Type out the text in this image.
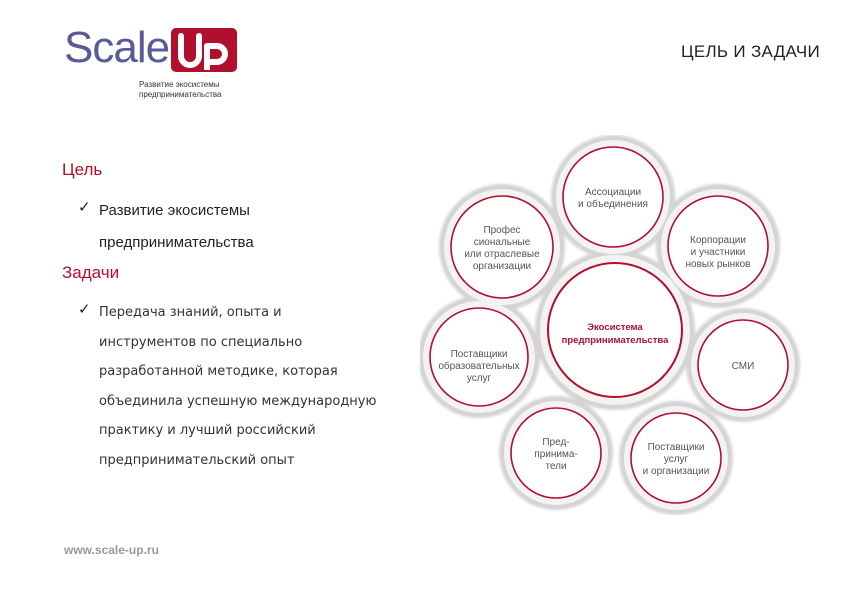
Scale
Развитие экосистемы
предпринимательства
ЦЕЛЬ И ЗАДАЧИ
Цель
✓ Развитие экосистемы
предпринимательства
Задачи
✓ Передача знаний, опыта и
инструментов по специально
разработанной методике, которая
объединила успешную международную
практику и лучший российский
предпринимательский опыт
Экосистема
предпринимательства
Ассоциации
и объединения
Корпорации
и участники
новых рынков
СМИ
Поставщики
услуг
и организации
Пред-
принима-
тели
Поставщики
образовательных
услуг
Профес
сиональные
или отраслевые
организации
www.scale-up.ru
